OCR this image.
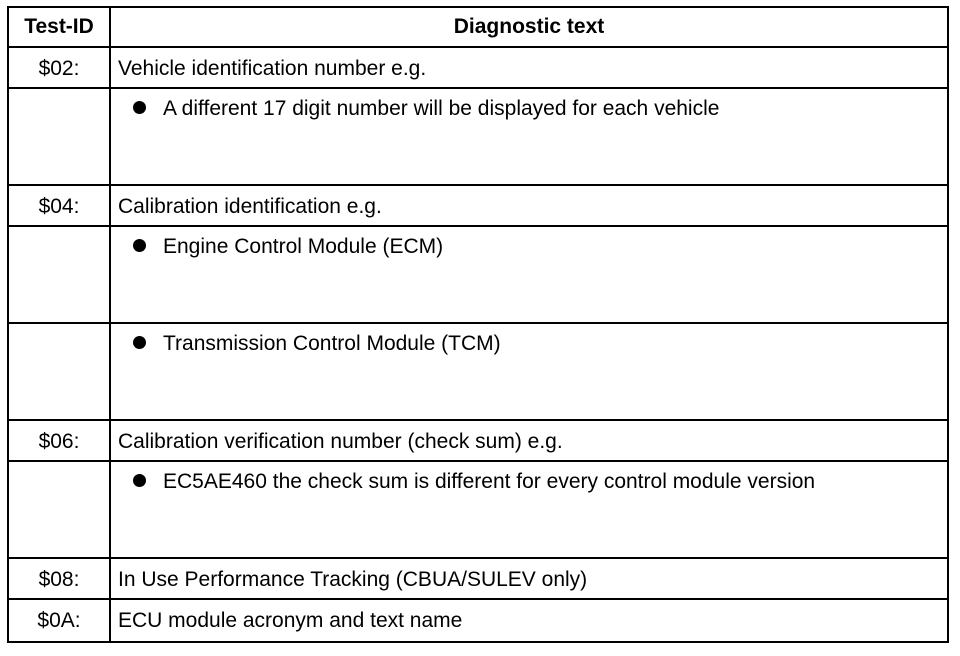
Test-ID	Diagnostic text
$02:	Vehicle identification number e.g.
	A different 17 digit number will be displayed for each vehicle
$04:	Calibration identification e.g.
	Engine Control Module (ECM)
	Transmission Control Module (TCM)
$06:	Calibration verification number (check sum) e.g.
	EC5AE460 the check sum is different for every control module version
$08:	In Use Performance Tracking (CBUA/SULEV only)
$0A:	ECU module acronym and text name
